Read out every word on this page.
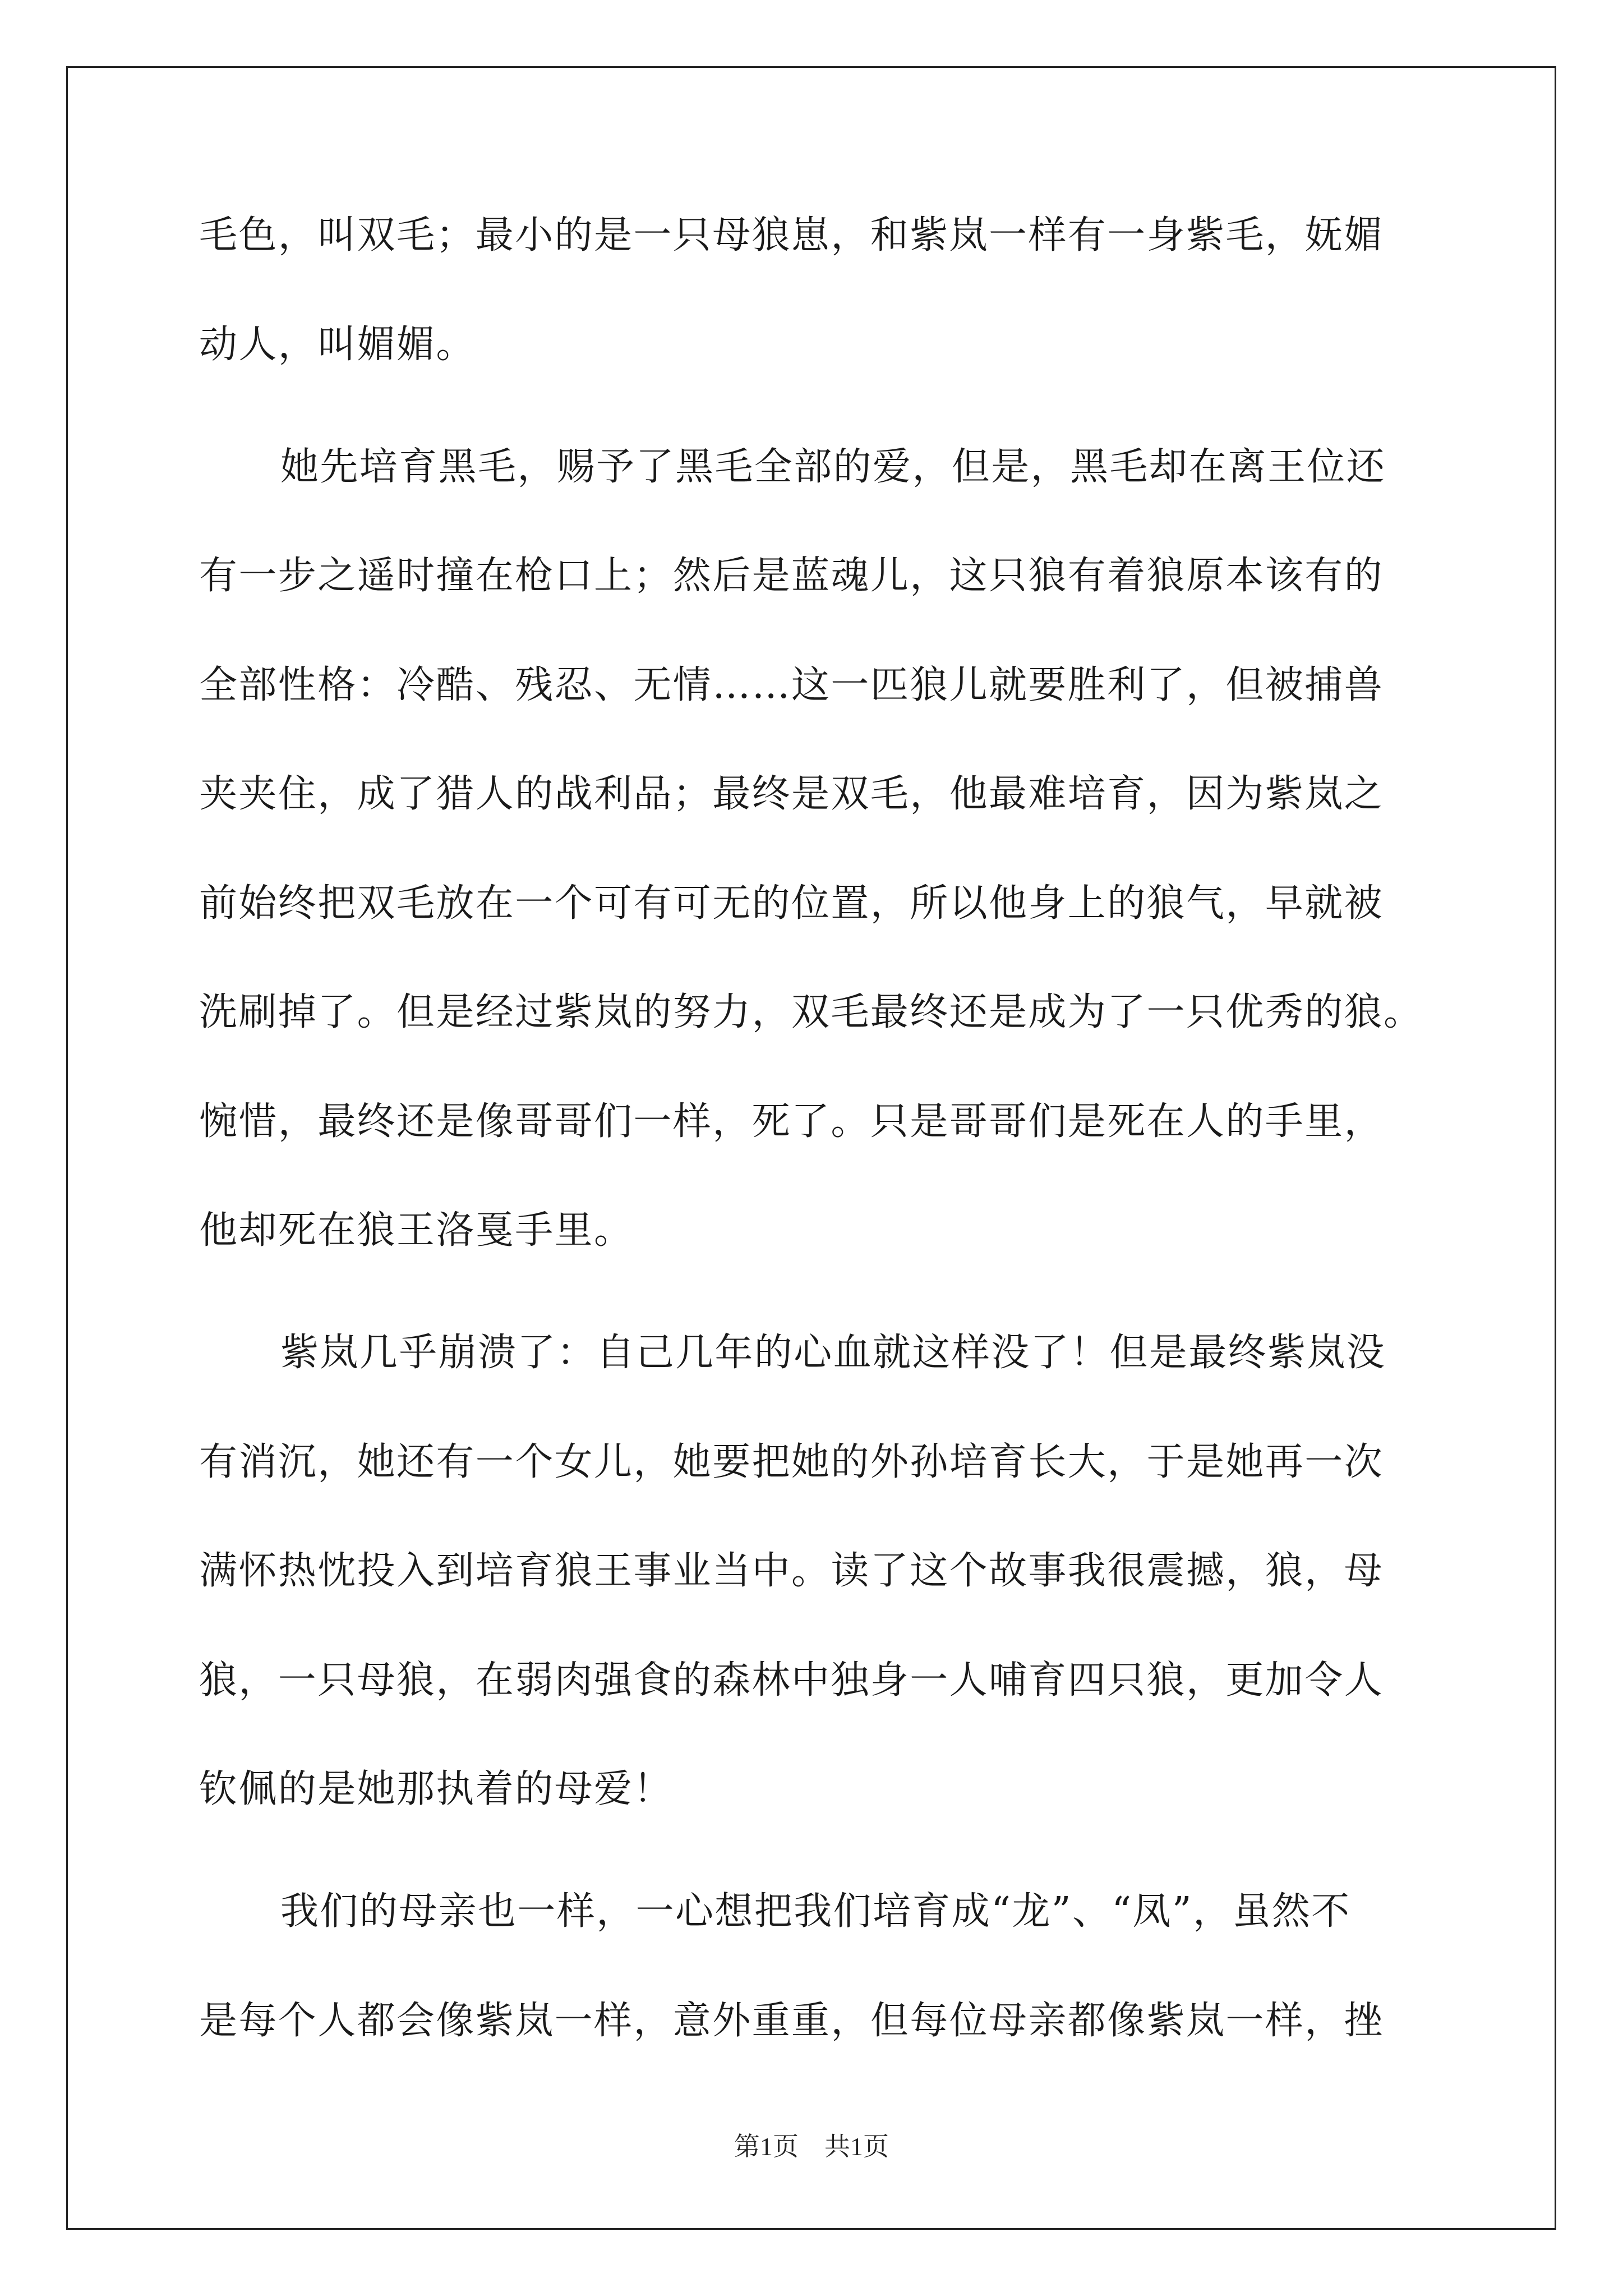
毛色，叫双毛；最小的是一只母狼崽，和紫岚一样有一身紫毛，妩媚
动人，叫媚媚。
她先培育黑毛，赐予了黑毛全部的爱，但是，黑毛却在离王位还
有一步之遥时撞在枪口上；然后是蓝魂儿，这只狼有着狼原本该有的
全部性格：冷酷、残忍、无情……这一匹狼儿就要胜利了，但被捕兽
夹夹住，成了猎人的战利品；最终是双毛，他最难培育，因为紫岚之
前始终把双毛放在一个可有可无的位置，所以他身上的狼气，早就被
洗刷掉了。但是经过紫岚的努力，双毛最终还是成为了一只优秀的狼。
惋惜，最终还是像哥哥们一样，死了。只是哥哥们是死在人的手里，
他却死在狼王洛戛手里。
紫岚几乎崩溃了：自己几年的心血就这样没了！但是最终紫岚没
有消沉，她还有一个女儿，她要把她的外孙培育长大，于是她再一次
满怀热忱投入到培育狼王事业当中。读了这个故事我很震撼，狼，母
狼，一只母狼，在弱肉强食的森林中独身一人哺育四只狼，更加令人
钦佩的是她那执着的母爱！
我们的母亲也一样，一心想把我们培育成“龙”、“凤”，虽然不
是每个人都会像紫岚一样，意外重重，但每位母亲都像紫岚一样，挫
第1页　共1页
